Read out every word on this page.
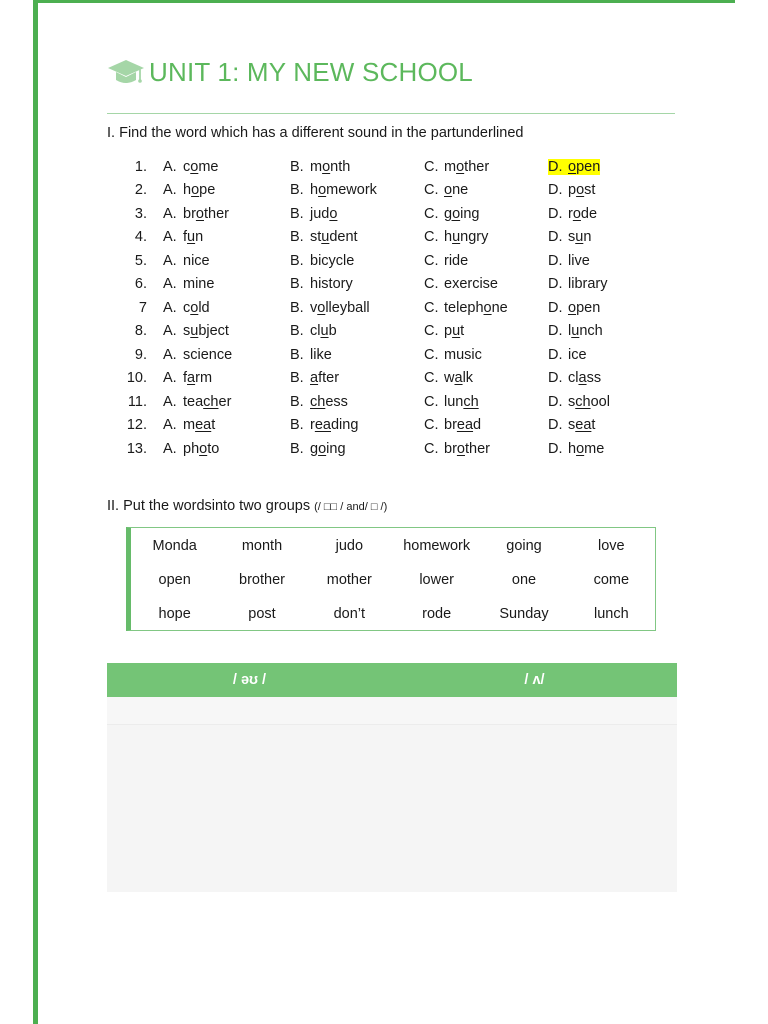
UNIT 1: MY NEW SCHOOL
I. Find the word which has a different sound in the partunderlined
1.	A. come	B. month	C. mother	D. open
2.	A. hope	B. homework	C. one	D. post
3.	A. brother	B. judo	C. going	D. rode
4.	A. fun	B. student	C. hungry	D. sun
5.	A. nice	B. bicycle	C. ride	D. live
6.	A. mine	B. history	C. exercise	D. library
7	A. cold	B. volleyball	C. telephone	D. open
8.	A. subject	B. club	C. put	D. lunch
9.	A. science	B. like	C. music	D. ice
10.	A. farm	B. after	C. walk	D. class
11.	A. teacher	B. chess	C. lunch	D. school
12.	A. meat	B. reading	C. bread	D. seat
13.	A. photo	B. going	C. brother	D. home
II. Put the wordsinto two groups (/ □□ / and/ □ /)
Monda	month	judo	homework	going	love
open	brother	mother	lower	one	come
hope	post	don’t	rode	Sunday	lunch
/ əʊ /	/ ʌ/
